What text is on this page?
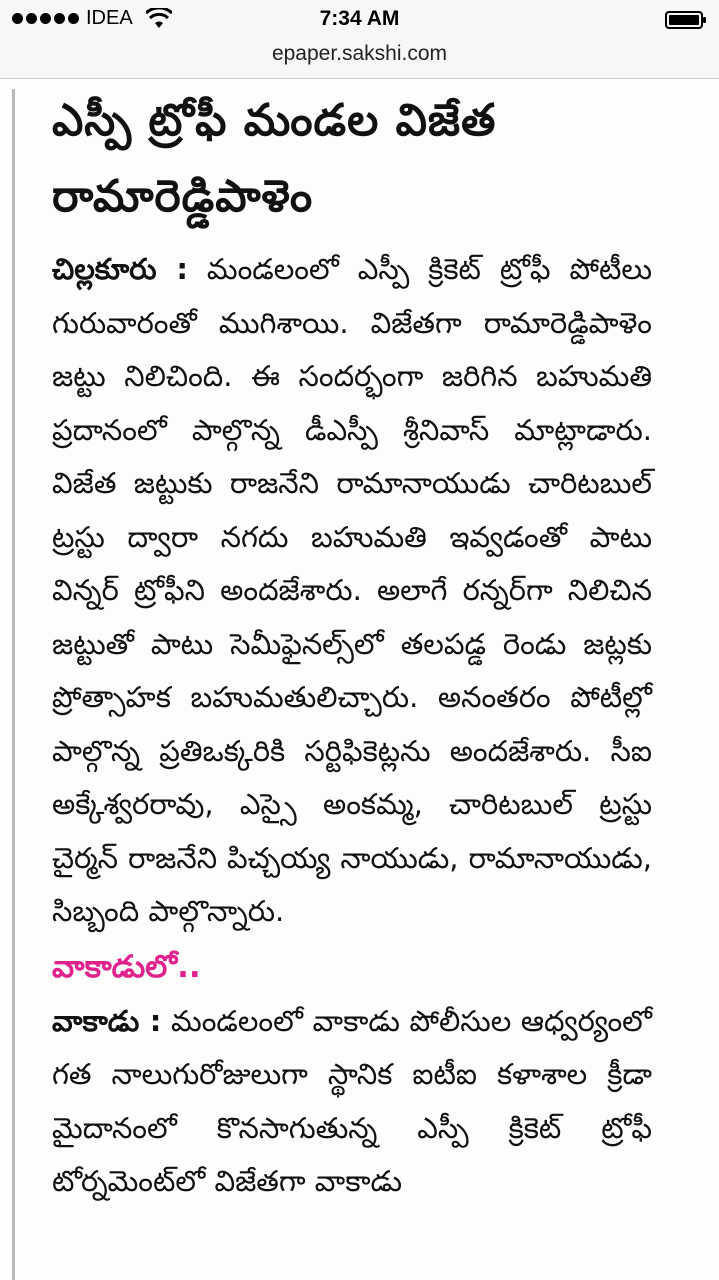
IDEA	7:34 AM
epaper.sakshi.com
ఎస్పీ ట్రోఫీ మండల విజేత రామారెడ్డిపాళెం

చిల్లకూరు : మండలంలో ఎస్పీ క్రికెట్ ట్రోఫీ పోటీలు గురువారంతో ముగిశాయి. విజేతగా రామారెడ్డిపాళెం జట్టు నిలిచింది. ఈ సందర్భంగా జరిగిన బహుమతి ప్రదానంలో పాల్గొన్న డీఎస్పీ శ్రీనివాస్ మాట్లాడారు. విజేత జట్టుకు రాజనేని రామానాయుడు చారిటబుల్ ట్రస్టు ద్వారా నగదు బహుమతి ఇవ్వడంతో పాటు విన్నర్ ట్రోఫీని అందజేశారు. అలాగే రన్నర్‌గా నిలిచిన జట్టుతో పాటు సెమీఫైనల్స్‌లో తలపడ్డ రెండు జట్లకు ప్రోత్సాహక బహుమతులిచ్చారు. అనంతరం పోటీల్లో పాల్గొన్న ప్రతిఒక్కరికి సర్టిఫికెట్లను అందజేశారు. సీఐ అక్కేశ్వరరావు, ఎస్సై అంకమ్మ, చారిటబుల్ ట్రస్టు చైర్మన్ రాజనేని పిచ్చయ్య నాయుడు, రామానాయుడు, సిబ్బంది పాల్గొన్నారు.

వాకాడులో..

వాకాడు : మండలంలో వాకాడు పోలీసుల ఆధ్వర్యంలో గత నాలుగురోజులుగా స్థానిక ఐటీఐ కళాశాల క్రీడా మైదానంలో కొనసాగుతున్న ఎస్పీ క్రికెట్ ట్రోఫీ టోర్నమెంట్‌లో విజేతగా వాకాడు
